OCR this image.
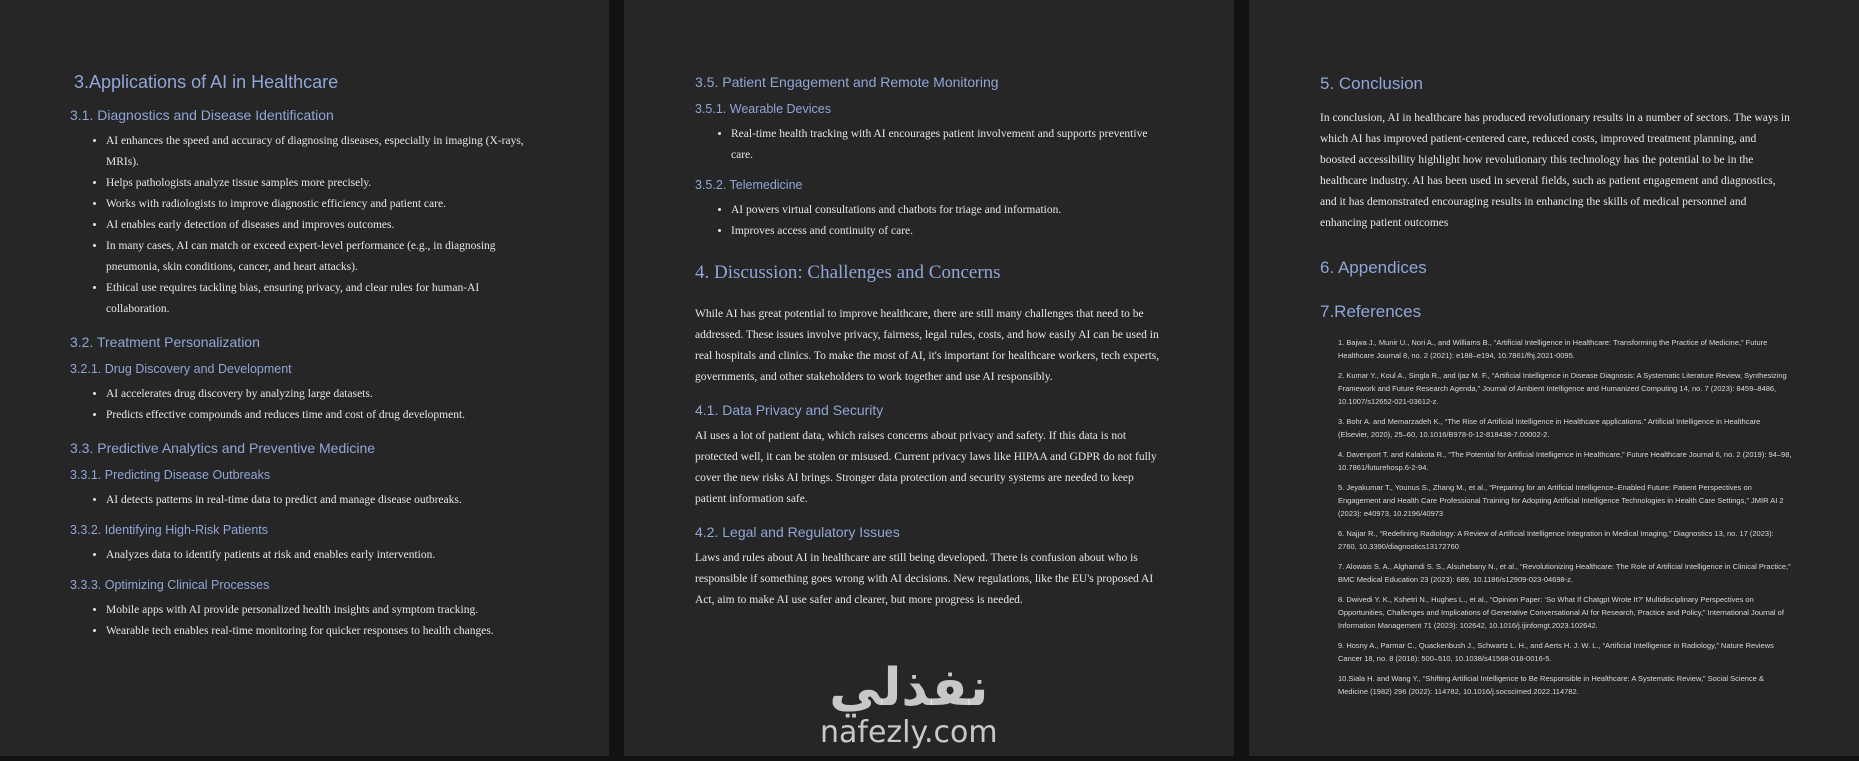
3.Applications of AI in Healthcare
3.1. Diagnostics and Disease Identification
• AI enhances the speed and accuracy of diagnosing diseases, especially in imaging (X-rays, MRIs).
• Helps pathologists analyze tissue samples more precisely.
• Works with radiologists to improve diagnostic efficiency and patient care.
• AI enables early detection of diseases and improves outcomes.
• In many cases, AI can match or exceed expert-level performance (e.g., in diagnosing pneumonia, skin conditions, cancer, and heart attacks).
• Ethical use requires tackling bias, ensuring privacy, and clear rules for human-AI collaboration.
3.2. Treatment Personalization
3.2.1. Drug Discovery and Development
• AI accelerates drug discovery by analyzing large datasets.
• Predicts effective compounds and reduces time and cost of drug development.
3.3. Predictive Analytics and Preventive Medicine
3.3.1. Predicting Disease Outbreaks
• AI detects patterns in real-time data to predict and manage disease outbreaks.
3.3.2. Identifying High-Risk Patients
• Analyzes data to identify patients at risk and enables early intervention.
3.3.3. Optimizing Clinical Processes
• Mobile apps with AI provide personalized health insights and symptom tracking.
• Wearable tech enables real-time monitoring for quicker responses to health changes.
3.5. Patient Engagement and Remote Monitoring
3.5.1. Wearable Devices
• Real-time health tracking with AI encourages patient involvement and supports preventive care.
3.5.2. Telemedicine
• AI powers virtual consultations and chatbots for triage and information.
• Improves access and continuity of care.
4. Discussion: Challenges and Concerns

While AI has great potential to improve healthcare, there are still many challenges that need to be addressed. These issues involve privacy, fairness, legal rules, costs, and how easily AI can be used in real hospitals and clinics. To make the most of AI, it's important for healthcare workers, tech experts, governments, and other stakeholders to work together and use AI responsibly.

4.1. Data Privacy and Security

AI uses a lot of patient data, which raises concerns about privacy and safety. If this data is not protected well, it can be stolen or misused. Current privacy laws like HIPAA and GDPR do not fully cover the new risks AI brings. Stronger data protection and security systems are needed to keep patient information safe.

4.2. Legal and Regulatory Issues

Laws and rules about AI in healthcare are still being developed. There is confusion about who is responsible if something goes wrong with AI decisions. New regulations, like the EU's proposed AI Act, aim to make AI use safer and clearer, but more progress is needed.

5. Conclusion

In conclusion, AI in healthcare has produced revolutionary results in a number of sectors. The ways in which AI has improved patient-centered care, reduced costs, improved treatment planning, and boosted accessibility highlight how revolutionary this technology has the potential to be in the healthcare industry. AI has been used in several fields, such as patient engagement and diagnostics, and it has demonstrated encouraging results in enhancing the skills of medical personnel and enhancing patient outcomes

6. Appendices
7.References
1. Bajwa J., Munir U., Nori A., and Williams B., “Artificial Intelligence in Healthcare: Transforming the Practice of Medicine,” Future Healthcare Journal 8, no. 2 (2021): e188–e194, 10.7861/fhj.2021-0095.
2. Kumar Y., Koul A., Singla R., and Ijaz M. F., “Artificial Intelligence in Disease Diagnosis: A Systematic Literature Review, Synthesizing Framework and Future Research Agenda,” Journal of Ambient Intelligence and Humanized Computing 14, no. 7 (2023): 8459–8486, 10.1007/s12652-021-03612-z.
3. Bohr A. and Memarzadeh K., “The Rise of Artificial Intelligence in Healthcare applications.” Artificial Intelligence in Healthcare (Elsevier, 2020), 25–60, 10.1016/B978-0-12-818438-7.00002-2.
4. Davenport T. and Kalakota R., “The Potential for Artificial Intelligence in Healthcare,” Future Healthcare Journal 6, no. 2 (2019): 94–98, 10.7861/futurehosp.6-2-94.
5. Jeyakumar T., Younus S., Zhang M., et al., “Preparing for an Artificial Intelligence–Enabled Future: Patient Perspectives on Engagement and Health Care Professional Training for Adopting Artificial Intelligence Technologies in Health Care Settings,” JMIR AI 2 (2023): e40973, 10.2196/40973
6. Najjar R., “Redefining Radiology: A Review of Artificial Intelligence Integration in Medical Imaging,” Diagnostics 13, no. 17 (2023): 2760, 10.3390/diagnostics13172760
7. Alowais S. A., Alghamdi S. S., Alsuhebany N., et al., “Revolutionizing Healthcare: The Role of Artificial Intelligence in Clinical Practice,” BMC Medical Education 23 (2023): 689, 10.1186/s12909-023-04698-z.
8. Dwivedi Y. K., Kshetri N., Hughes L., et al., “Opinion Paper: ‘So What If Chatgpt Wrote It?’ Multidisciplinary Perspectives on Opportunities, Challenges and Implications of Generative Conversational AI for Research, Practice and Policy,” International Journal of Information Management 71 (2023): 102642, 10.1016/j.ijinfomgt.2023.102642.
9. Hosny A., Parmar C., Quackenbush J., Schwartz L. H., and Aerts H. J. W. L., “Artificial Intelligence in Radiology,” Nature Reviews Cancer 18, no. 8 (2018): 500–510, 10.1038/s41568-018-0016-5.
10.Siala H. and Wang Y., “Shifting Artificial Intelligence to Be Responsible in Healthcare: A Systematic Review,” Social Science & Medicine (1982) 296 (2022): 114782, 10.1016/j.socscimed.2022.114782.
نفذلي
nafezly.com
